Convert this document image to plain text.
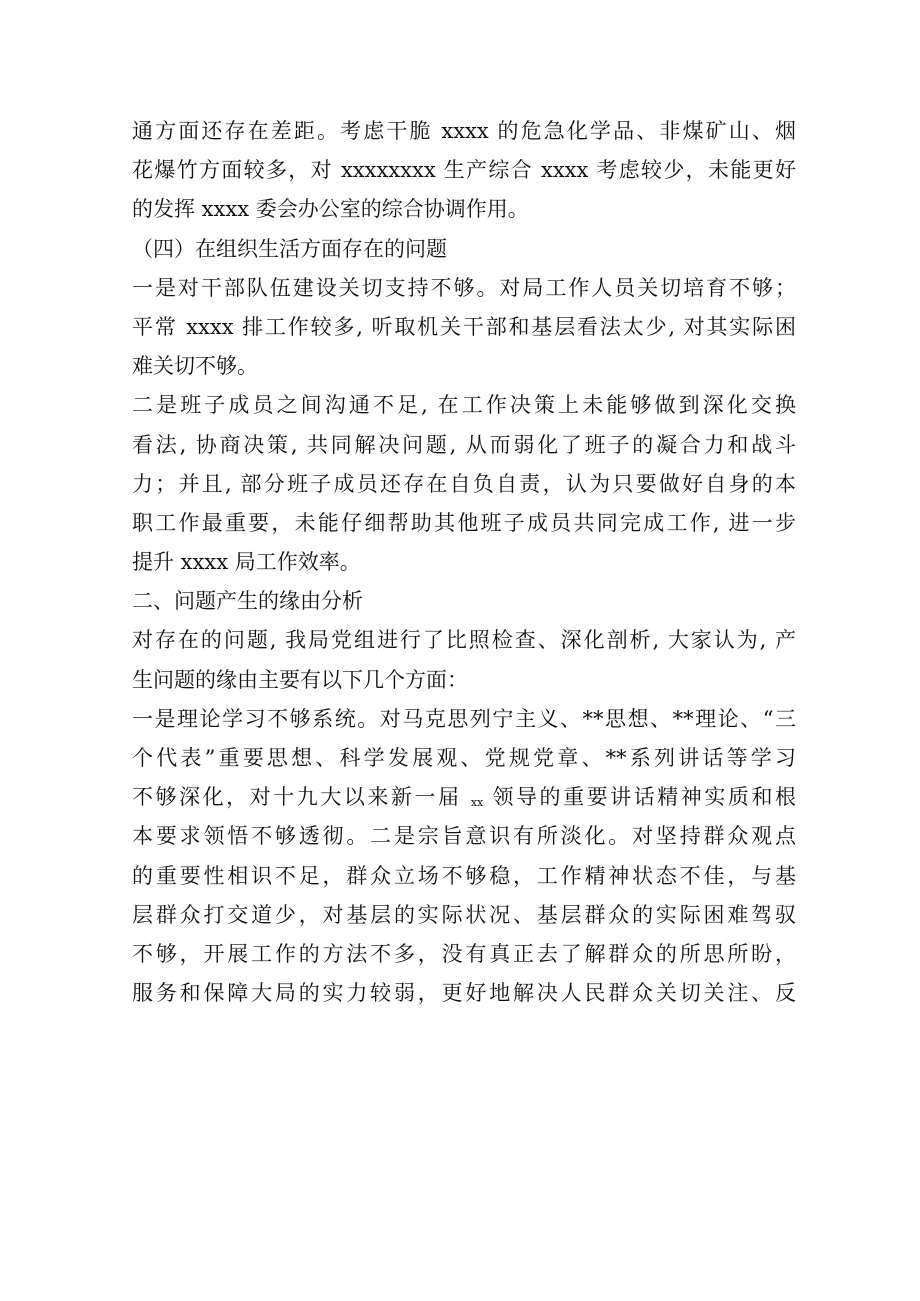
通方面还存在差距。考虑干脆 xxxx 的危急化学品、非煤矿山、烟
花爆竹方面较多，对 xxxxxxxx 生产综合 xxxx 考虑较少，未能更好
的发挥 xxxx 委会办公室的综合协调作用。
（四）在组织生活方面存在的问题
一是对干部队伍建设关切支持不够。对局工作人员关切培育不够；
平常 xxxx 排工作较多, 听取机关干部和基层看法太少, 对其实际困
难关切不够。
二是班子成员之间沟通不足, 在工作决策上未能够做到深化交换
看法, 协商决策, 共同解决问题, 从而弱化了班子的凝合力和战斗
力；并且, 部分班子成员还存在自负自责，认为只要做好自身的本
职工作最重要，未能仔细帮助其他班子成员共同完成工作, 进一步
提升 xxxx 局工作效率。
二、问题产生的缘由分析
对存在的问题, 我局党组进行了比照检查、深化剖析, 大家认为, 产
生问题的缘由主要有以下几个方面：
一是理论学习不够系统。对马克思列宁主义、**思想、**理论、“三
个代表”重要思想、科学发展观、党规党章、**系列讲话等学习
不够深化，对十九大以来新一届 xx 领导的重要讲话精神实质和根
本要求领悟不够透彻。二是宗旨意识有所淡化。对坚持群众观点
的重要性相识不足，群众立场不够稳，工作精神状态不佳，与基
层群众打交道少，对基层的实际状况、基层群众的实际困难驾驭
不够，开展工作的方法不多，没有真正去了解群众的所思所盼，
服务和保障大局的实力较弱，更好地解决人民群众关切关注、反
